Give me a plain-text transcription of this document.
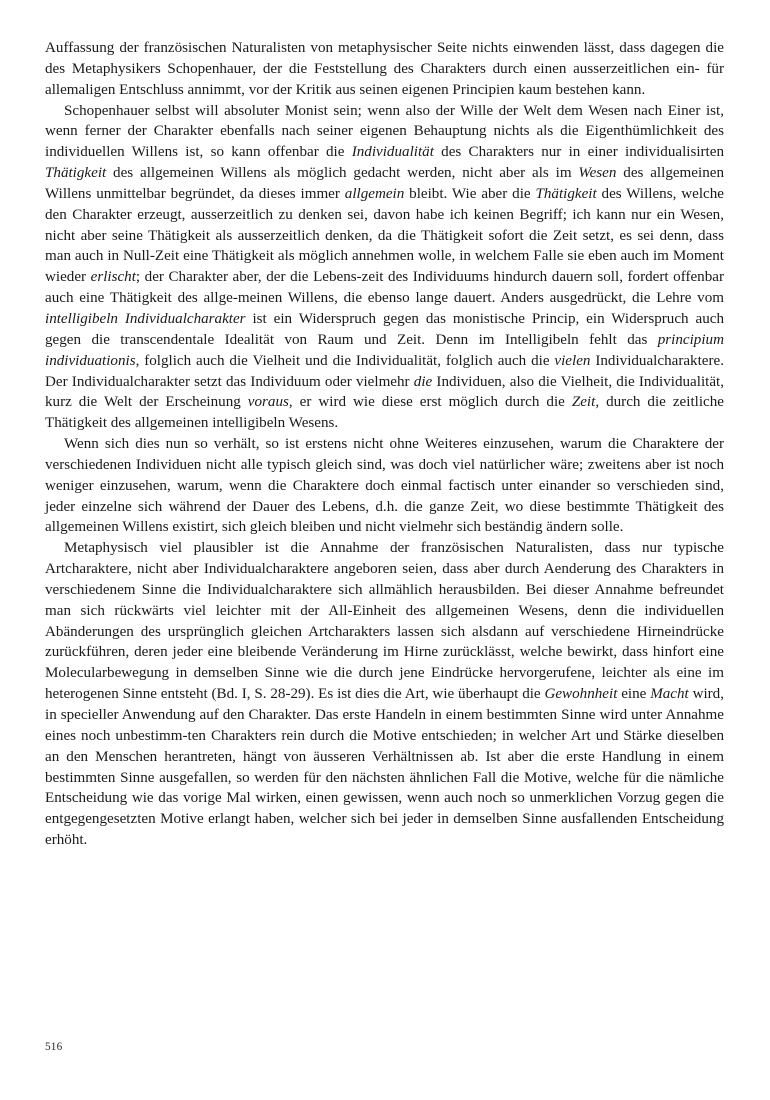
Auffassung der französischen Naturalisten von metaphysischer Seite nichts einwenden lässt, dass dagegen die des Metaphysikers Schopenhauer, der die Feststellung des Charakters durch einen ausserzeitlichen ein- für allemaligen Entschluss annimmt, vor der Kritik aus seinen eigenen Principien kaum bestehen kann.

Schopenhauer selbst will absoluter Monist sein; wenn also der Wille der Welt dem Wesen nach Einer ist, wenn ferner der Charakter ebenfalls nach seiner eigenen Behauptung nichts als die Eigenthümlichkeit des individuellen Willens ist, so kann offenbar die Individualität des Charakters nur in einer individualisirten Thätigkeit des allgemeinen Willens als möglich gedacht werden, nicht aber als im Wesen des allgemeinen Willens unmittelbar begründet, da dieses immer allgemein bleibt. Wie aber die Thätigkeit des Willens, welche den Charakter erzeugt, ausserzeitlich zu denken sei, davon habe ich keinen Begriff; ich kann nur ein Wesen, nicht aber seine Thätigkeit als ausserzeitlich denken, da die Thätigkeit sofort die Zeit setzt, es sei denn, dass man auch in Null-Zeit eine Thätigkeit als möglich annehmen wolle, in welchem Falle sie eben auch im Moment wieder erlischt; der Charakter aber, der die Lebens-zeit des Individuums hindurch dauern soll, fordert offenbar auch eine Thätigkeit des allge-meinen Willens, die ebenso lange dauert. Anders ausgedrückt, die Lehre vom intelligibeln Individualcharakter ist ein Widerspruch gegen das monistische Princip, ein Widerspruch auch gegen die transcendentale Idealität von Raum und Zeit. Denn im Intelligibeln fehlt das principium individuationis, folglich auch die Vielheit und die Individualität, folglich auch die vielen Individualcharaktere. Der Individualcharakter setzt das Individuum oder vielmehr die Individuen, also die Vielheit, die Individualität, kurz die Welt der Erscheinung voraus, er wird wie diese erst möglich durch die Zeit, durch die zeitliche Thätigkeit des allgemeinen intelligibeln Wesens.

Wenn sich dies nun so verhält, so ist erstens nicht ohne Weiteres einzusehen, warum die Charaktere der verschiedenen Individuen nicht alle typisch gleich sind, was doch viel natürlicher wäre; zweitens aber ist noch weniger einzusehen, warum, wenn die Charaktere doch einmal factisch unter einander so verschieden sind, jeder einzelne sich während der Dauer des Lebens, d.h. die ganze Zeit, wo diese bestimmte Thätigkeit des allgemeinen Willens existirt, sich gleich bleiben und nicht vielmehr sich beständig ändern solle.

Metaphysisch viel plausibler ist die Annahme der französischen Naturalisten, dass nur typische Artcharaktere, nicht aber Individualcharaktere angeboren seien, dass aber durch Aenderung des Charakters in verschiedenem Sinne die Individualcharaktere sich allmählich herausbilden. Bei dieser Annahme befreundet man sich rückwärts viel leichter mit der All-Einheit des allgemeinen Wesens, denn die individuellen Abänderungen des ursprünglich gleichen Artcharakters lassen sich alsdann auf verschiedene Hirneindrücke zurückführen, deren jeder eine bleibende Veränderung im Hirne zurücklässt, welche bewirkt, dass hinfort eine Molecularbewegung in demselben Sinne wie die durch jene Eindrücke hervorgerufene, leichter als eine im heterogenen Sinne entsteht (Bd. I, S. 28-29). Es ist dies die Art, wie überhaupt die Gewohnheit eine Macht wird, in specieller Anwendung auf den Charakter. Das erste Handeln in einem bestimmten Sinne wird unter Annahme eines noch unbestimm-ten Charakters rein durch die Motive entschieden; in welcher Art und Stärke dieselben an den Menschen herantreten, hängt von äusseren Verhältnissen ab. Ist aber die erste Handlung in einem bestimmten Sinne ausgefallen, so werden für den nächsten ähnlichen Fall die Motive, welche für die nämliche Entscheidung wie das vorige Mal wirken, einen gewissen, wenn auch noch so unmerklichen Vorzug gegen die entgegengesetzten Motive erlangt haben, welcher sich bei jeder in demselben Sinne ausfallenden Entscheidung erhöht.

516
